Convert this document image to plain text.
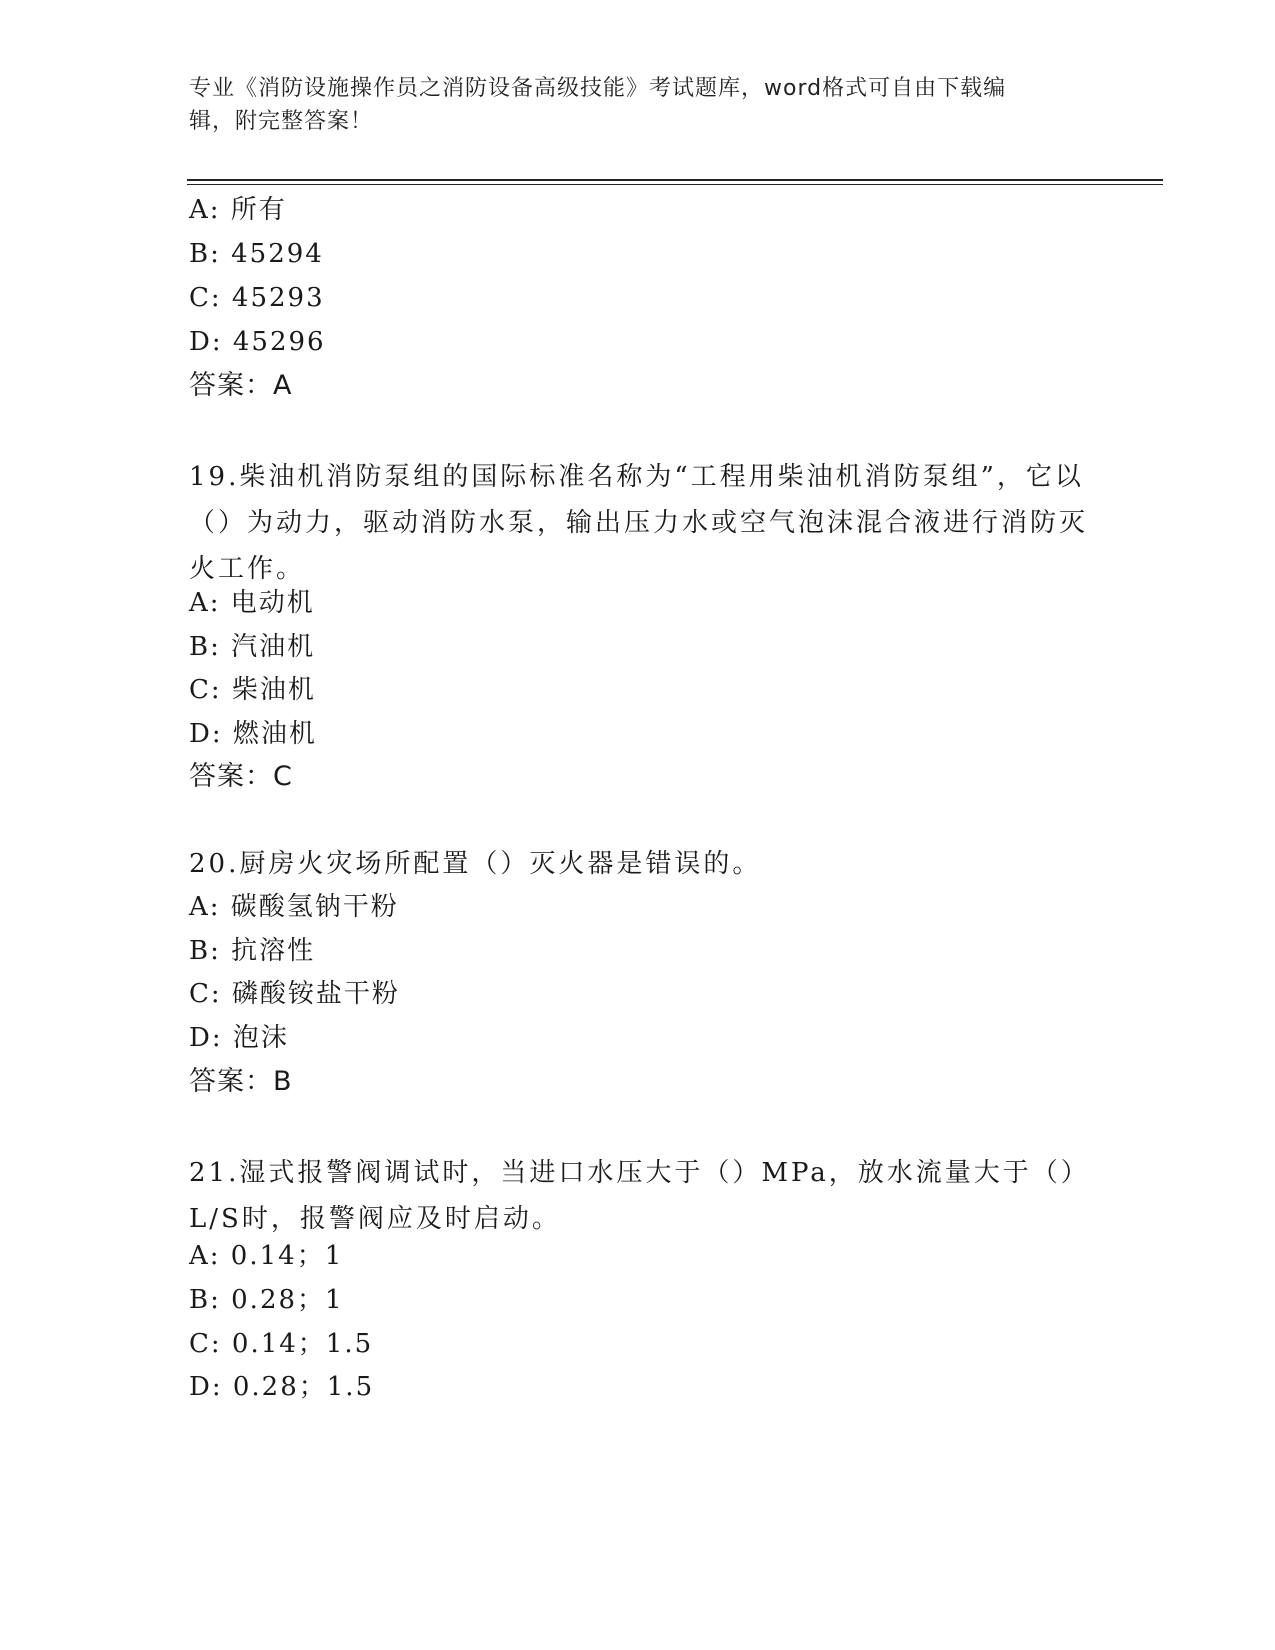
专业《消防设施操作员之消防设备高级技能》考试题库，word格式可自由下载编
辑，附完整答案！
A: 所有
B: 45294
C: 45293
D: 45296
答案：A
19.柴油机消防泵组的国际标准名称为“工程用柴油机消防泵组”，它以（）为动力，驱动消防水泵，输出压力水或空气泡沫混合液进行消防灭火工作。
A: 电动机
B: 汽油机
C: 柴油机
D: 燃油机
答案：C
20.厨房火灾场所配置（）灭火器是错误的。
A: 碳酸氢钠干粉
B: 抗溶性
C: 磷酸铵盐干粉
D: 泡沫
答案：B
21.湿式报警阀调试时，当进口水压大于（）MPa，放水流量大于（）L/S时，报警阀应及时启动。
A: 0.14；1
B: 0.28；1
C: 0.14；1.5
D: 0.28；1.5
